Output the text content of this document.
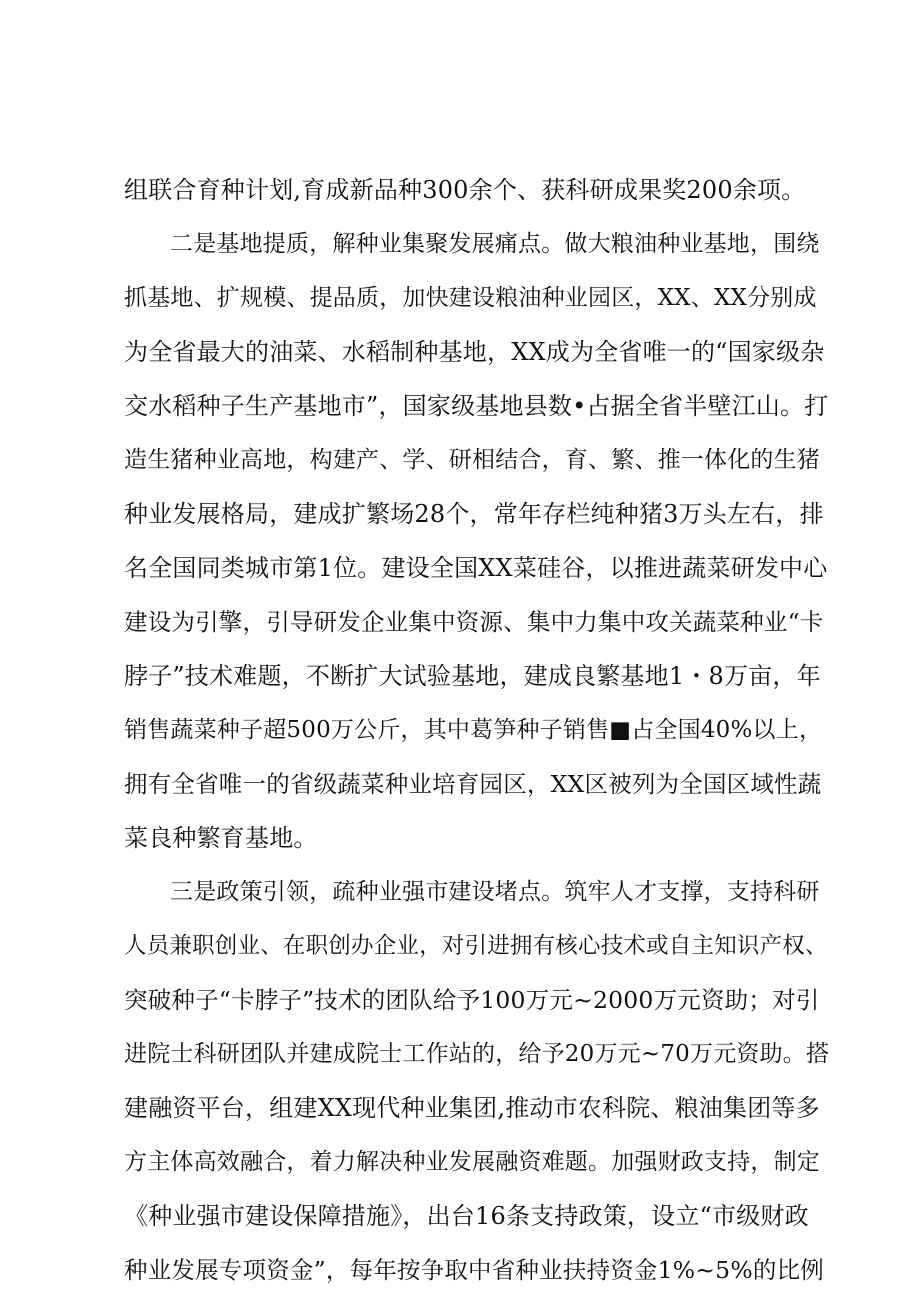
组联合育种计划,育成新品种300余个、获科研成果奖200余项。
二是基地提质，解种业集聚发展痛点。做大粮油种业基地，围绕
抓基地、扩规模、提品质，加快建设粮油种业园区，XX、XX分别成
为全省最大的油菜、水稻制种基地，XX成为全省唯一的“国家级杂
交水稻种子生产基地市”，国家级基地县数•占据全省半壁江山。打
造生猪种业高地，构建产、学、研相结合，育、繁、推一体化的生猪
种业发展格局，建成扩繁场28个，常年存栏纯种猪3万头左右，排
名全国同类城市第1位。建设全国XX菜硅谷，以推进蔬菜研发中心
建设为引擎，引导研发企业集中资源、集中力集中攻关蔬菜种业“卡
脖子”技术难题，不断扩大试验基地，建成良繁基地1・8万亩，年
销售蔬菜种子超500万公斤，其中葛笋种子销售■占全国40%以上，
拥有全省唯一的省级蔬菜种业培育园区，XX区被列为全国区域性蔬
菜良种繁育基地。
三是政策引领，疏种业强市建设堵点。筑牢人才支撑，支持科研
人员兼职创业、在职创办企业，对引进拥有核心技术或自主知识产权、
突破种子“卡脖子”技术的团队给予100万元~2000万元资助；对引
进院士科研团队并建成院士工作站的，给予20万元~70万元资助。搭
建融资平台，组建XX现代种业集团,推动市农科院、粮油集团等多
方主体高效融合，着力解决种业发展融资难题。加强财政支持，制定
《种业强市建设保障措施》，出台16条支持政策，设立“市级财政
种业发展专项资金”，每年按争取中省种业扶持资金1%~5%的比例
